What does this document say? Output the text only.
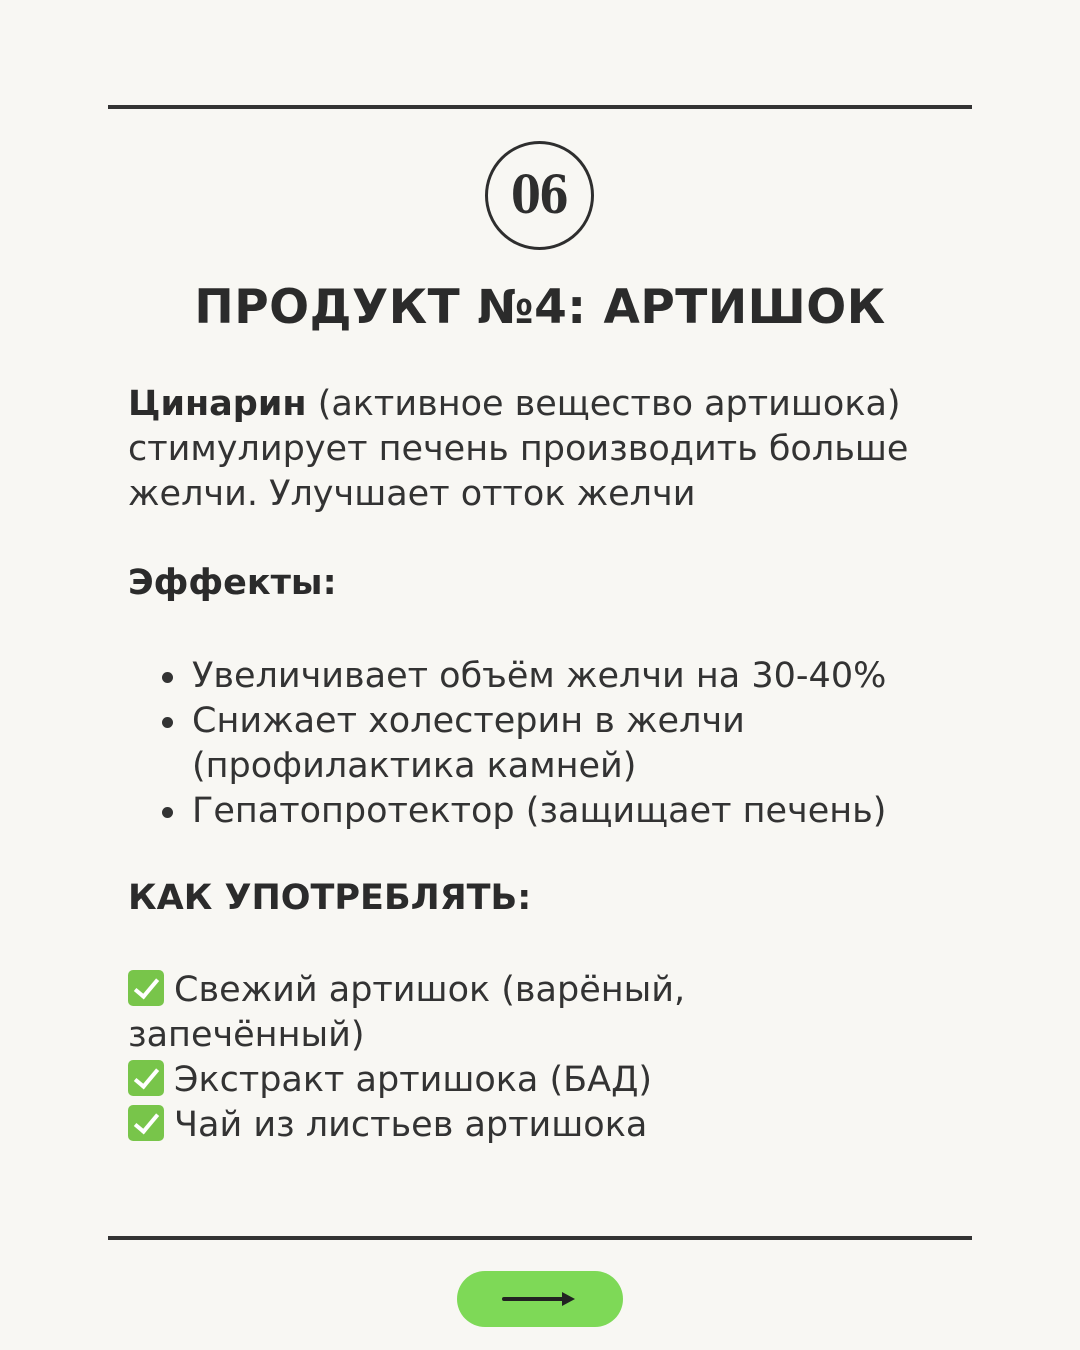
06
ПРОДУКТ №4: АРТИШОК
Цинарин (активное вещество артишока) стимулирует печень производить больше желчи. Улучшает отток желчи
Эффекты:
Увеличивает объём желчи на 30-40%
Снижает холестерин в желчи (профилактика камней)
Гепатопротектор (защищает печень)
КАК УПОТРЕБЛЯТЬ:
Свежий артишок (варёный, запечённый)
Экстракт артишока (БАД)
Чай из листьев артишока
